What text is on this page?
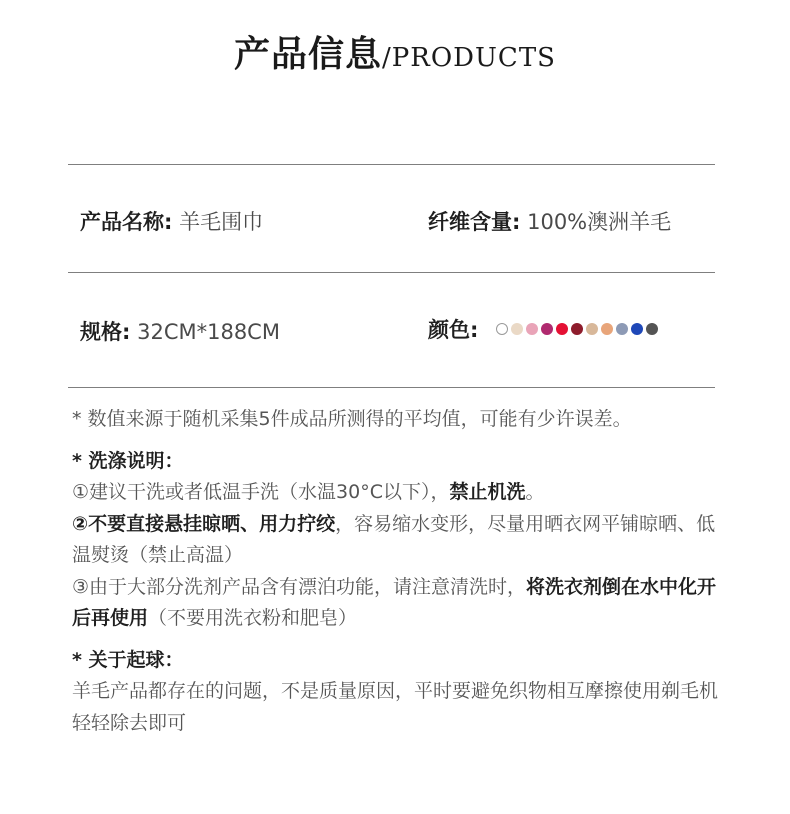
产品信息/PRODUCTS
产品名称: 羊毛围巾	纤维含量: 100%澳洲羊毛
规格: 32CM*188CM	颜色:

* 数值来源于随机采集5件成品所测得的平均值，可能有少许误差。

* 洗涤说明：

①建议干洗或者低温手洗（水温30°C以下），禁止机洗。

②不要直接悬挂晾晒、用力拧绞，容易缩水变形，尽量用晒衣网平铺晾晒、低温熨烫（禁止高温）

③由于大部分洗剂产品含有漂泊功能，请注意清洗时，将洗衣剂倒在水中化开后再使用（不要用洗衣粉和肥皂）

* 关于起球：

羊毛产品都存在的问题，不是质量原因，平时要避免织物相互摩擦使用剃毛机轻轻除去即可
